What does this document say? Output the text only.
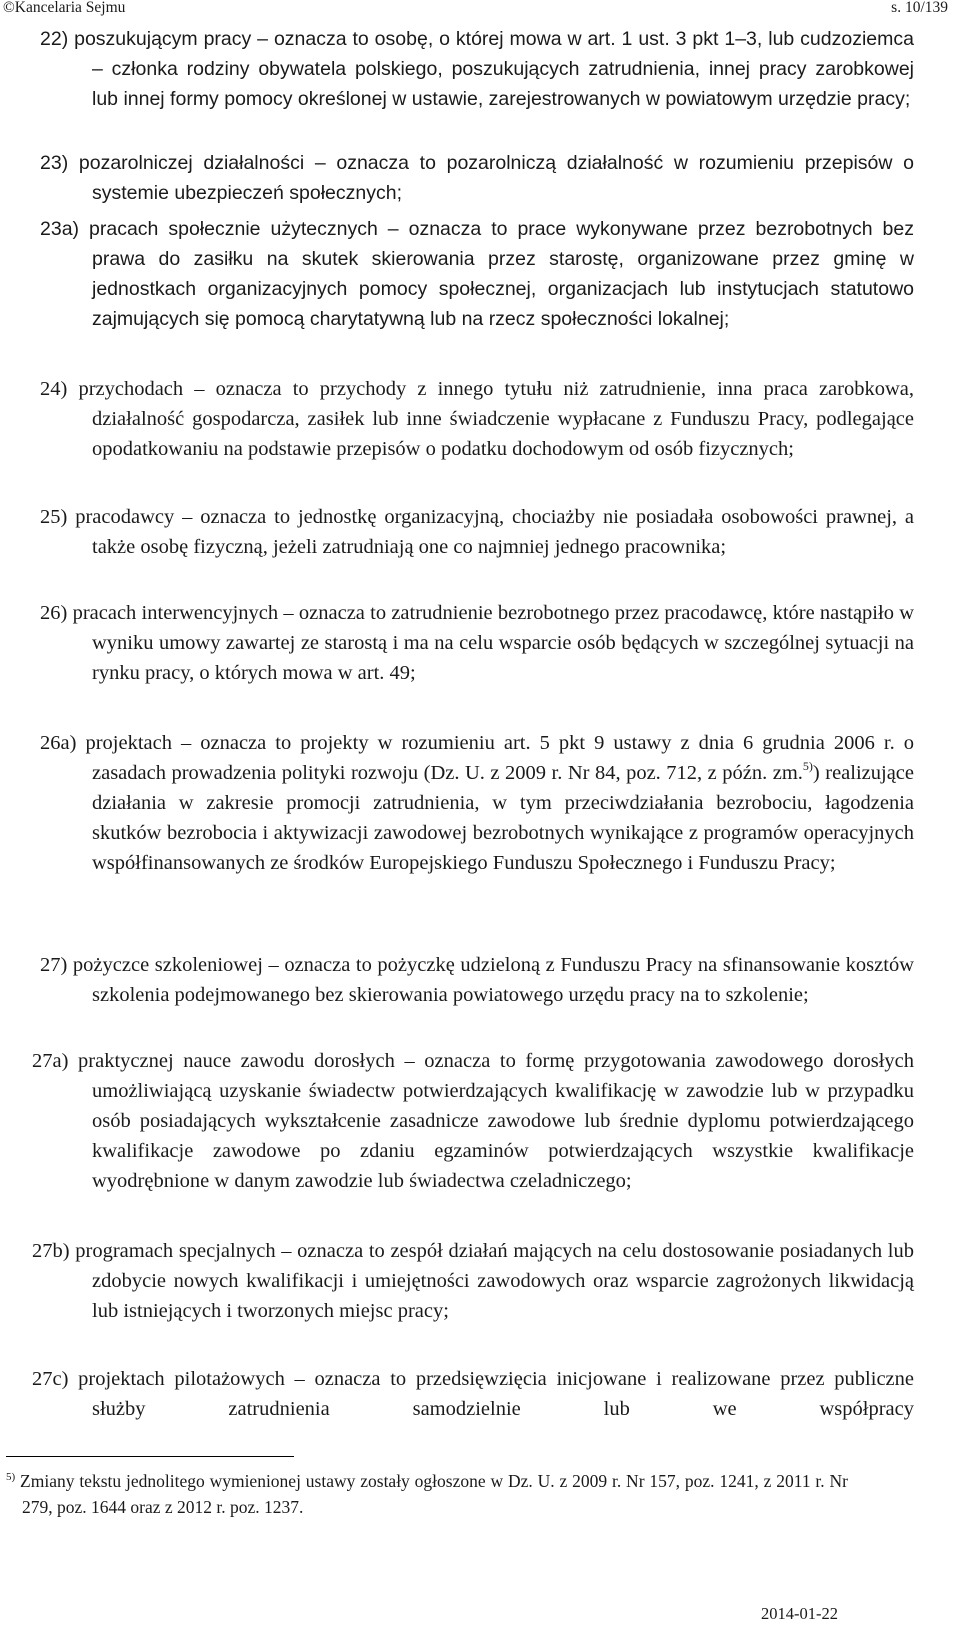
©Kancelaria Sejmu	s. 10/139
22) poszukującym pracy – oznacza to osobę, o której mowa w art. 1 ust. 3 pkt 1–3, lub cudzoziemca – członka rodziny obywatela polskiego, poszukujących zatrudnienia, innej pracy zarobkowej lub innej formy pomocy określonej w ustawie, zarejestrowanych w powiatowym urzędzie pracy;
23) pozarolniczej działalności – oznacza to pozarolniczą działalność w rozumieniu przepisów o systemie ubezpieczeń społecznych;
23a) pracach społecznie użytecznych – oznacza to prace wykonywane przez bezrobotnych bez prawa do zasiłku na skutek skierowania przez starostę, organizowane przez gminę w jednostkach organizacyjnych pomocy społecznej, organizacjach lub instytucjach statutowo zajmujących się pomocą charytatywną lub na rzecz społeczności lokalnej;
24) przychodach – oznacza to przychody z innego tytułu niż zatrudnienie, inna praca zarobkowa, działalność gospodarcza, zasiłek lub inne świadczenie wypłacane z Funduszu Pracy, podlegające opodatkowaniu na podstawie przepisów o podatku dochodowym od osób fizycznych;
25) pracodawcy – oznacza to jednostkę organizacyjną, chociażby nie posiadała osobowości prawnej, a także osobę fizyczną, jeżeli zatrudniają one co najmniej jednego pracownika;
26) pracach interwencyjnych – oznacza to zatrudnienie bezrobotnego przez pracodawcę, które nastąpiło w wyniku umowy zawartej ze starostą i ma na celu wsparcie osób będących w szczególnej sytuacji na rynku pracy, o których mowa w art. 49;
26a) projektach – oznacza to projekty w rozumieniu art. 5 pkt 9 ustawy z dnia 6 grudnia 2006 r. o zasadach prowadzenia polityki rozwoju (Dz. U. z 2009 r. Nr 84, poz. 712, z późn. zm.$^{5)}$) realizujące działania w zakresie promocji zatrudnienia, w tym przeciwdziałania bezrobociu, łagodzenia skutków bezrobocia i aktywizacji zawodowej bezrobotnych wynikające z programów operacyjnych współfinansowanych ze środków Europejskiego Funduszu Społecznego i Funduszu Pracy;
27) pożyczce szkoleniowej – oznacza to pożyczkę udzieloną z Funduszu Pracy na sfinansowanie kosztów szkolenia podejmowanego bez skierowania powiatowego urzędu pracy na to szkolenie;
27a) praktycznej nauce zawodu dorosłych – oznacza to formę przygotowania zawodowego dorosłych umożliwiającą uzyskanie świadectw potwierdzających kwalifikację w zawodzie lub w przypadku osób posiadających wykształcenie zasadnicze zawodowe lub średnie dyplomu potwierdzającego kwalifikacje zawodowe po zdaniu egzaminów potwierdzających wszystkie kwalifikacje wyodrębnione w danym zawodzie lub świadectwa czeladniczego;
27b) programach specjalnych – oznacza to zespół działań mających na celu dostosowanie posiadanych lub zdobycie nowych kwalifikacji i umiejętności zawodowych oraz wsparcie zagrożonych likwidacją lub istniejących i tworzonych miejsc pracy;
27c) projektach pilotażowych – oznacza to przedsięwzięcia inicjowane i realizowane przez publiczne służby zatrudnienia samodzielnie lub we współpracy
$^{5)}$ Zmiany tekstu jednolitego wymienionej ustawy zostały ogłoszone w Dz. U. z 2009 r. Nr 157, poz. 1241, z 2011 r. Nr 279, poz. 1644 oraz z 2012 r. poz. 1237.
2014-01-22
